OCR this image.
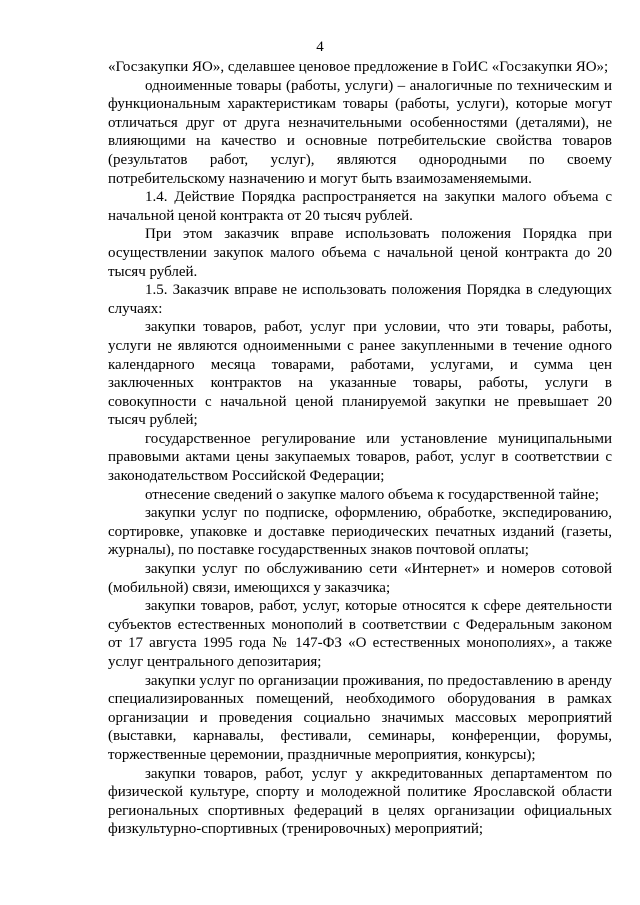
4

«Госзакупки ЯО», сделавшее ценовое предложение в ГоИС «Госзакупки ЯО»;

одноименные товары (работы, услуги) – аналогичные по техническим и функциональным характеристикам товары (работы, услуги), которые могут отличаться друг от друга незначительными особенностями (деталями), не влияющими на качество и основные потребительские свойства товаров (результатов работ, услуг), являются однородными по своему потребительскому назначению и могут быть взаимозаменяемыми.

1.4. Действие Порядка распространяется на закупки малого объема с начальной ценой контракта от 20 тысяч рублей.

При этом заказчик вправе использовать положения Порядка при осуществлении закупок малого объема с начальной ценой контракта до 20 тысяч рублей.

1.5. Заказчик вправе не использовать положения Порядка в следующих случаях:

закупки товаров, работ, услуг при условии, что эти товары, работы, услуги не являются одноименными с ранее закупленными в течение одного календарного месяца товарами, работами, услугами, и сумма цен заключенных контрактов на указанные товары, работы, услуги в совокупности с начальной ценой планируемой закупки не превышает 20 тысяч рублей;

государственное регулирование или установление муниципальными правовыми актами цены закупаемых товаров, работ, услуг в соответствии с законодательством Российской Федерации;

отнесение сведений о закупке малого объема к государственной тайне;

закупки услуг по подписке, оформлению, обработке, экспедированию, сортировке, упаковке и доставке периодических печатных изданий (газеты, журналы), по поставке государственных знаков почтовой оплаты;

закупки услуг по обслуживанию сети «Интернет» и номеров сотовой (мобильной) связи, имеющихся у заказчика;

закупки товаров, работ, услуг, которые относятся к сфере деятельности субъектов естественных монополий в соответствии с Федеральным законом от 17 августа 1995 года № 147-ФЗ «О естественных монополиях», а также услуг центрального депозитария;

закупки услуг по организации проживания, по предоставлению в аренду специализированных помещений, необходимого оборудования в рамках организации и проведения социально значимых массовых мероприятий (выставки, карнавалы, фестивали, семинары, конференции, форумы, торжественные церемонии, праздничные мероприятия, конкурсы);

закупки товаров, работ, услуг у аккредитованных департаментом по физической культуре, спорту и молодежной политике Ярославской области региональных спортивных федераций в целях организации официальных физкультурно-спортивных (тренировочных) мероприятий;
